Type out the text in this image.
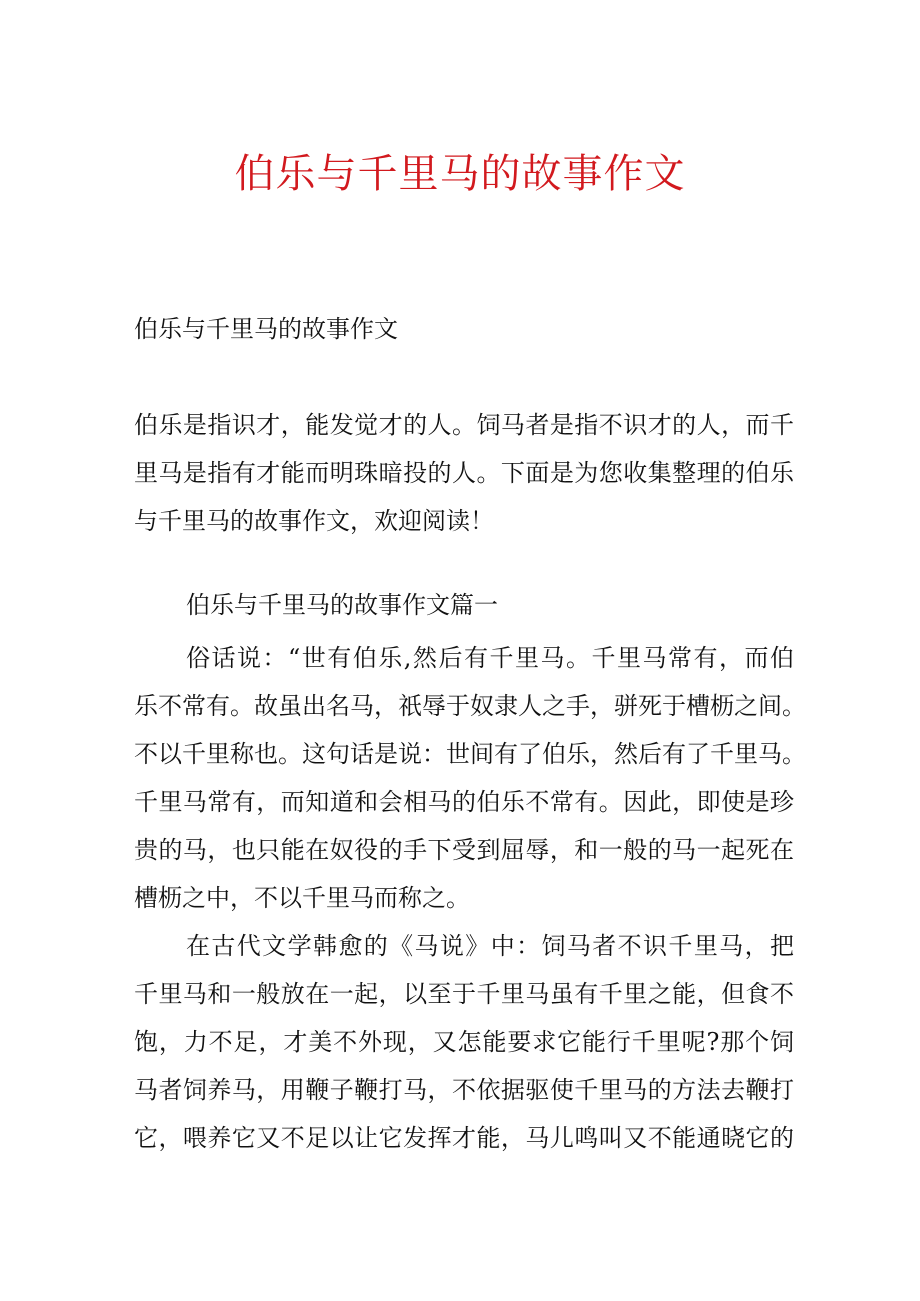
伯乐与千里马的故事作文
伯乐与千里马的故事作文
伯乐是指识才，能发觉才的人。饲马者是指不识才的人，而千
里马是指有才能而明珠暗投的人。下面是为您收集整理的伯乐
与千里马的故事作文，欢迎阅读！
伯乐与千里马的故事作文篇一
俗话说：“世有伯乐,然后有千里马。千里马常有，而伯
乐不常有。故虽出名马，祇辱于奴隶人之手，骈死于槽枥之间。
不以千里称也。这句话是说：世间有了伯乐，然后有了千里马。
千里马常有，而知道和会相马的伯乐不常有。因此，即使是珍
贵的马，也只能在奴役的手下受到屈辱，和一般的马一起死在
槽枥之中，不以千里马而称之。
在古代文学韩愈的《马说》中：饲马者不识千里马，把
千里马和一般放在一起，以至于千里马虽有千里之能，但食不
饱，力不足，才美不外现，又怎能要求它能行千里呢?那个饲
马者饲养马，用鞭子鞭打马，不依据驱使千里马的方法去鞭打
它，喂养它又不足以让它发挥才能，马儿鸣叫又不能通晓它的
